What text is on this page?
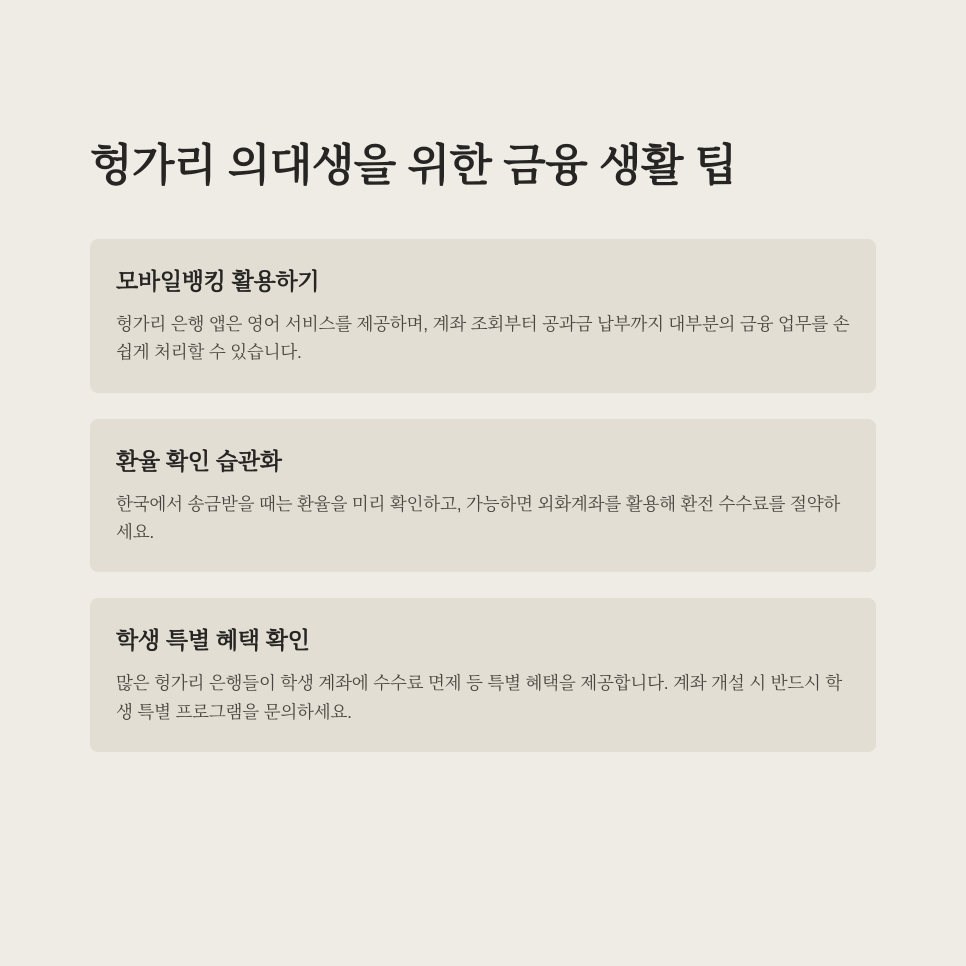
헝가리 의대생을 위한 금융 생활 팁
모바일뱅킹 활용하기

헝가리 은행 앱은 영어 서비스를 제공하며, 계좌 조회부터 공과금 납부까지 대부분의 금융 업무를 손쉽게 처리할 수 있습니다.

환율 확인 습관화

한국에서 송금받을 때는 환율을 미리 확인하고, 가능하면 외화계좌를 활용해 환전 수수료를 절약하세요.

학생 특별 혜택 확인

많은 헝가리 은행들이 학생 계좌에 수수료 면제 등 특별 혜택을 제공합니다. 계좌 개설 시 반드시 학생 특별 프로그램을 문의하세요.
